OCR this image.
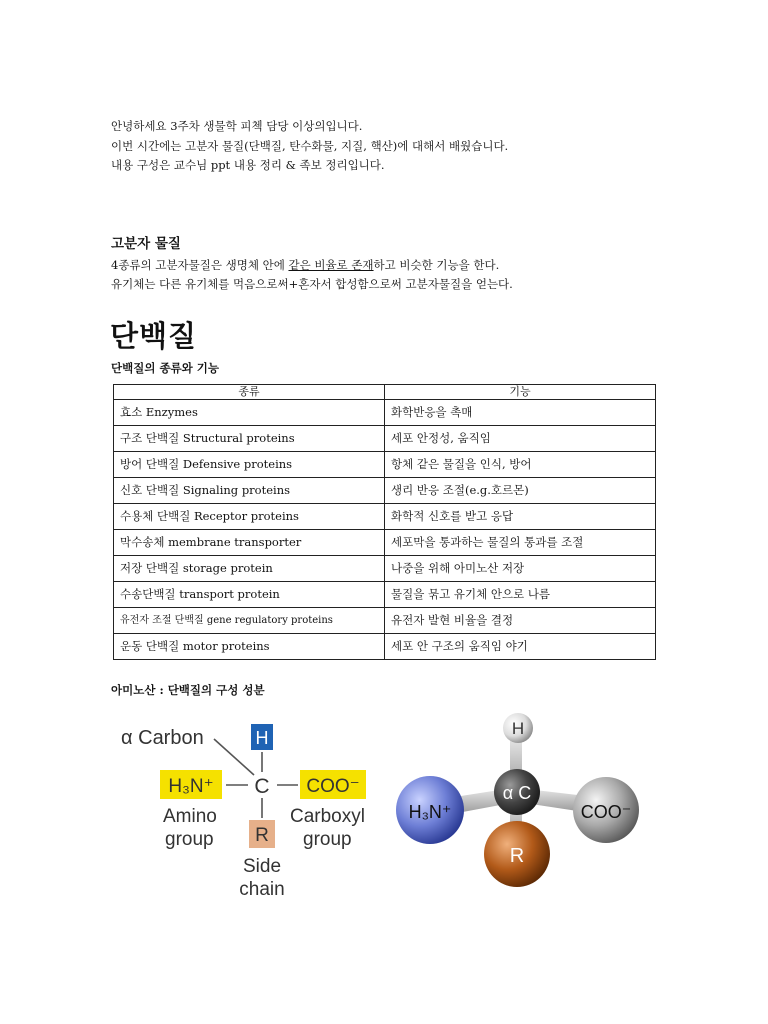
안녕하세요 3주차 생물학 피첵 담당 이상의입니다.

이번 시간에는 고분자 물질(단백질, 탄수화물, 지질, 핵산)에 대해서 배웠습니다.

내용 구성은 교수님 ppt 내용 정리 & 족보 정리입니다.

고분자 물질

4종류의 고분자물질은 생명체 안에 같은 비율로 존재하고 비슷한 기능을 한다.

유기체는 다른 유기체를 먹음으로써+혼자서 합성함으로써 고분자물질을 얻는다.

단백질

단백질의 종류와 기능

종류	기능
효소 Enzymes	화학반응을 촉매
구조 단백질 Structural proteins	세포 안정성, 움직임
방어 단백질 Defensive proteins	항체 같은 물질을 인식, 방어
신호 단백질 Signaling proteins	생리 반응 조절(e.g.호르몬)
수용체 단백질 Receptor proteins	화학적 신호를 받고 응답
막수송체 membrane transporter	세포막을 통과하는 물질의 통과를 조절
저장 단백질 storage protein	나중을 위해 아미노산 저장
수송단백질 transport protein	물질을 묶고 유기체 안으로 나름
유전자 조절 단백질 gene regulatory proteins	유전자 발현 비율을 결정
운동 단백질 motor proteins	세포 안 구조의 움직임 야기

아미노산 : 단백질의 구성 성분

α Carbon	H
H₃N⁺ C COO⁻
Amino
group
Carboxyl
group
R
Side
chain
H
H₃N⁺	COO⁻
R
α C
